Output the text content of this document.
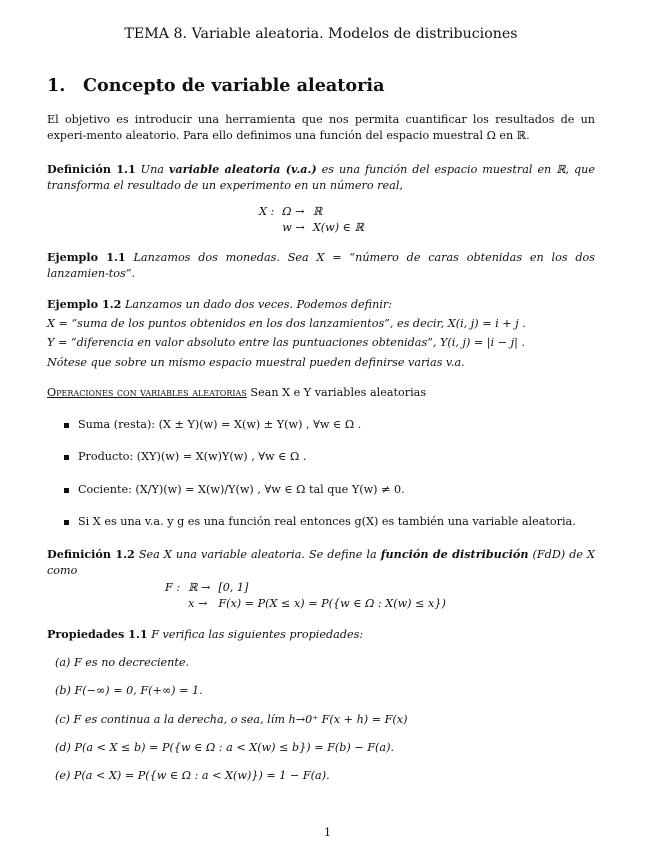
TEMA 8. Variable aleatoria. Modelos de distribuciones

1.	Concepto de variable aleatoria

El objetivo es introducir una herramienta que nos permita cuantificar los resultados de un experi-mento aleatorio. Para ello definimos una función del espacio muestral Ω en ℝ.

Definición 1.1 Una variable aleatoria (v.a.) es una función del espacio muestral en ℝ, que transforma el resultado de un experimento en un número real,

X : Ω → ℝ
w → X(w) ∈ ℝ

Ejemplo 1.1 Lanzamos dos monedas. Sea X = “número de caras obtenidas en los dos lanzamien-tos”.

Ejemplo 1.2 Lanzamos un dado dos veces. Podemos definir:

X = “suma de los puntos obtenidos en los dos lanzamientos”, es decir, X(i, j) = i + j .

Y = “diferencia en valor absoluto entre las puntuaciones obtenidas”, Y(i, j) = |i − j| .

Nótese que sobre un mismo espacio muestral pueden definirse varias v.a.

Operaciones con variables aleatorias Sean X e Y variables aleatorias

Suma (resta): (X ± Y)(w) = X(w) ± Y(w) , ∀w ∈ Ω .
Producto: (XY)(w) = X(w)Y(w) , ∀w ∈ Ω .
Cociente: (X/Y)(w) = X(w)/Y(w) , ∀w ∈ Ω tal que Y(w) ≠ 0.
Si X es una v.a. y g es una función real entonces g(X) es también una variable aleatoria.

Definición 1.2 Sea X una variable aleatoria. Se define la función de distribución (FdD) de X como

F : ℝ → [0, 1]
x → F(x) = P(X ≤ x) = P({w ∈ Ω : X(w) ≤ x})

Propiedades 1.1 F verifica las siguientes propiedades:

(a) F es no decreciente.
(b) F(−∞) = 0, F(+∞) = 1.
(c) F es continua a la derecha, o sea, lím h→0⁺ F(x + h) = F(x)
(d) P(a < X ≤ b) = P({w ∈ Ω : a < X(w) ≤ b}) = F(b) − F(a).
(e) P(a < X) = P({w ∈ Ω : a < X(w)}) = 1 − F(a).
1
